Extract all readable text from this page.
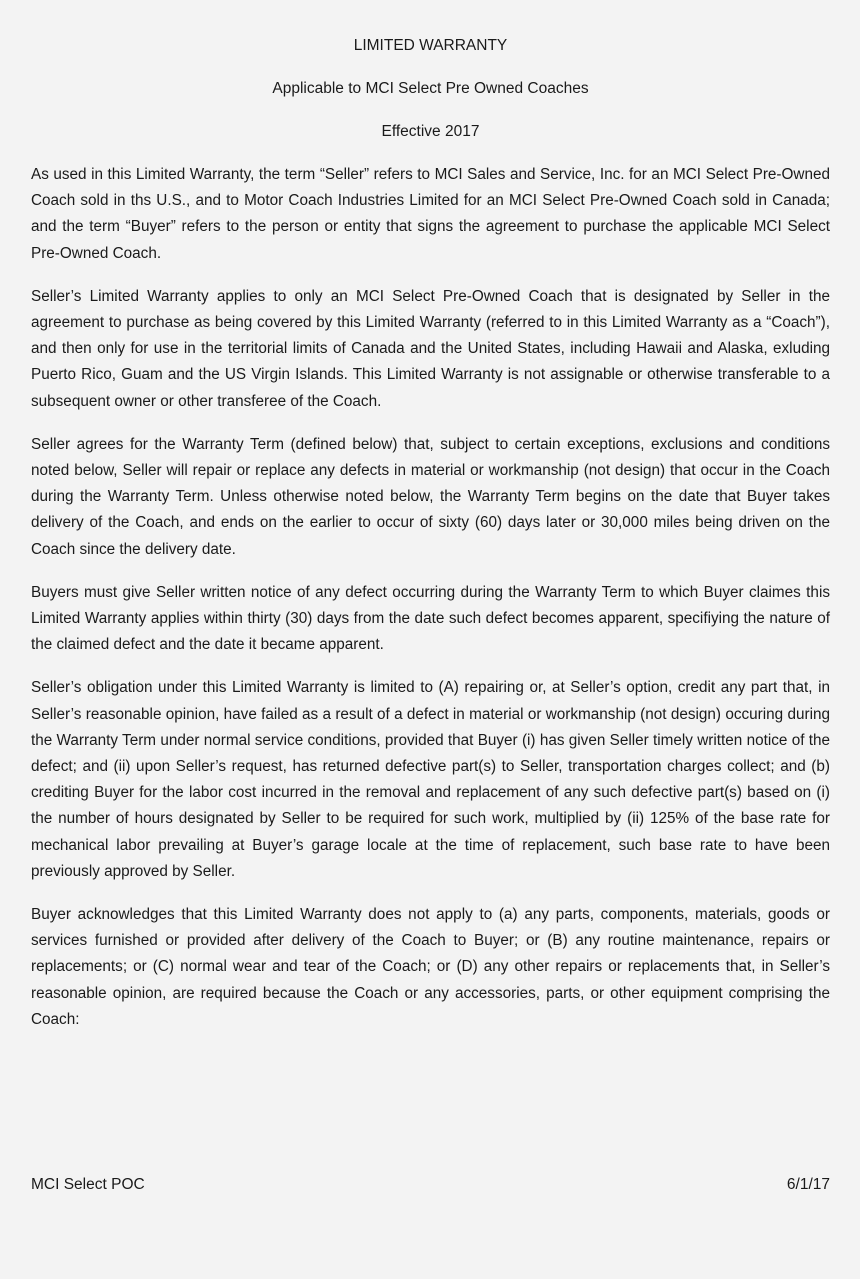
LIMITED WARRANTY

Applicable to MCI Select Pre Owned Coaches

Effective 2017

As used in this Limited Warranty, the term “Seller” refers to MCI Sales and Service, Inc. for an MCI Select Pre-Owned Coach sold in ths U.S., and to Motor Coach Industries Limited for an MCI Select Pre-Owned Coach sold in Canada; and the term “Buyer” refers to the person or entity that signs the agreement to purchase the applicable MCI Select Pre-Owned Coach.

Seller’s Limited Warranty applies to only an MCI Select Pre-Owned Coach that is designated by Seller in the agreement to purchase as being covered by this Limited Warranty (referred to in this Limited Warranty as a “Coach”), and then only for use in the territorial limits of Canada and the United States, including Hawaii and Alaska, exluding Puerto Rico, Guam and the US Virgin Islands. This Limited Warranty is not assignable or otherwise transferable to a subsequent owner or other transferee of the Coach.

Seller agrees for the Warranty Term (defined below) that, subject to certain exceptions, exclusions and conditions noted below, Seller will repair or replace any defects in material or workmanship (not design) that occur in the Coach during the Warranty Term. Unless otherwise noted below, the Warranty Term begins on the date that Buyer takes delivery of the Coach, and ends on the earlier to occur of sixty (60) days later or 30,000 miles being driven on the Coach since the delivery date.

Buyers must give Seller written notice of any defect occurring during the Warranty Term to which Buyer claimes this Limited Warranty applies within thirty (30) days from the date such defect becomes apparent, specifiying the nature of the claimed defect and the date it became apparent.

Seller’s obligation under this Limited Warranty is limited to (A) repairing or, at Seller’s option, credit any part that, in Seller’s reasonable opinion, have failed as a result of a defect in material or workmanship (not design) occuring during the Warranty Term under normal service conditions, provided that Buyer (i) has given Seller timely written notice of the defect; and (ii) upon Seller’s request, has returned defective part(s) to Seller, transportation charges collect; and (b) crediting Buyer for the labor cost incurred in the removal and replacement of any such defective part(s) based on (i) the number of hours designated by Seller to be required for such work, multiplied by (ii) 125% of the base rate for mechanical labor prevailing at Buyer’s garage locale at the time of replacement, such base rate to have been previously approved by Seller.

Buyer acknowledges that this Limited Warranty does not apply to (a) any parts, components, materials, goods or services furnished or provided after delivery of the Coach to Buyer; or (B) any routine maintenance, repairs or replacements; or (C) normal wear and tear of the Coach; or (D) any other repairs or replacements that, in Seller’s reasonable opinion, are required because the Coach or any accessories, parts, or other equipment comprising the Coach:

MCI Select POC	6/1/17
